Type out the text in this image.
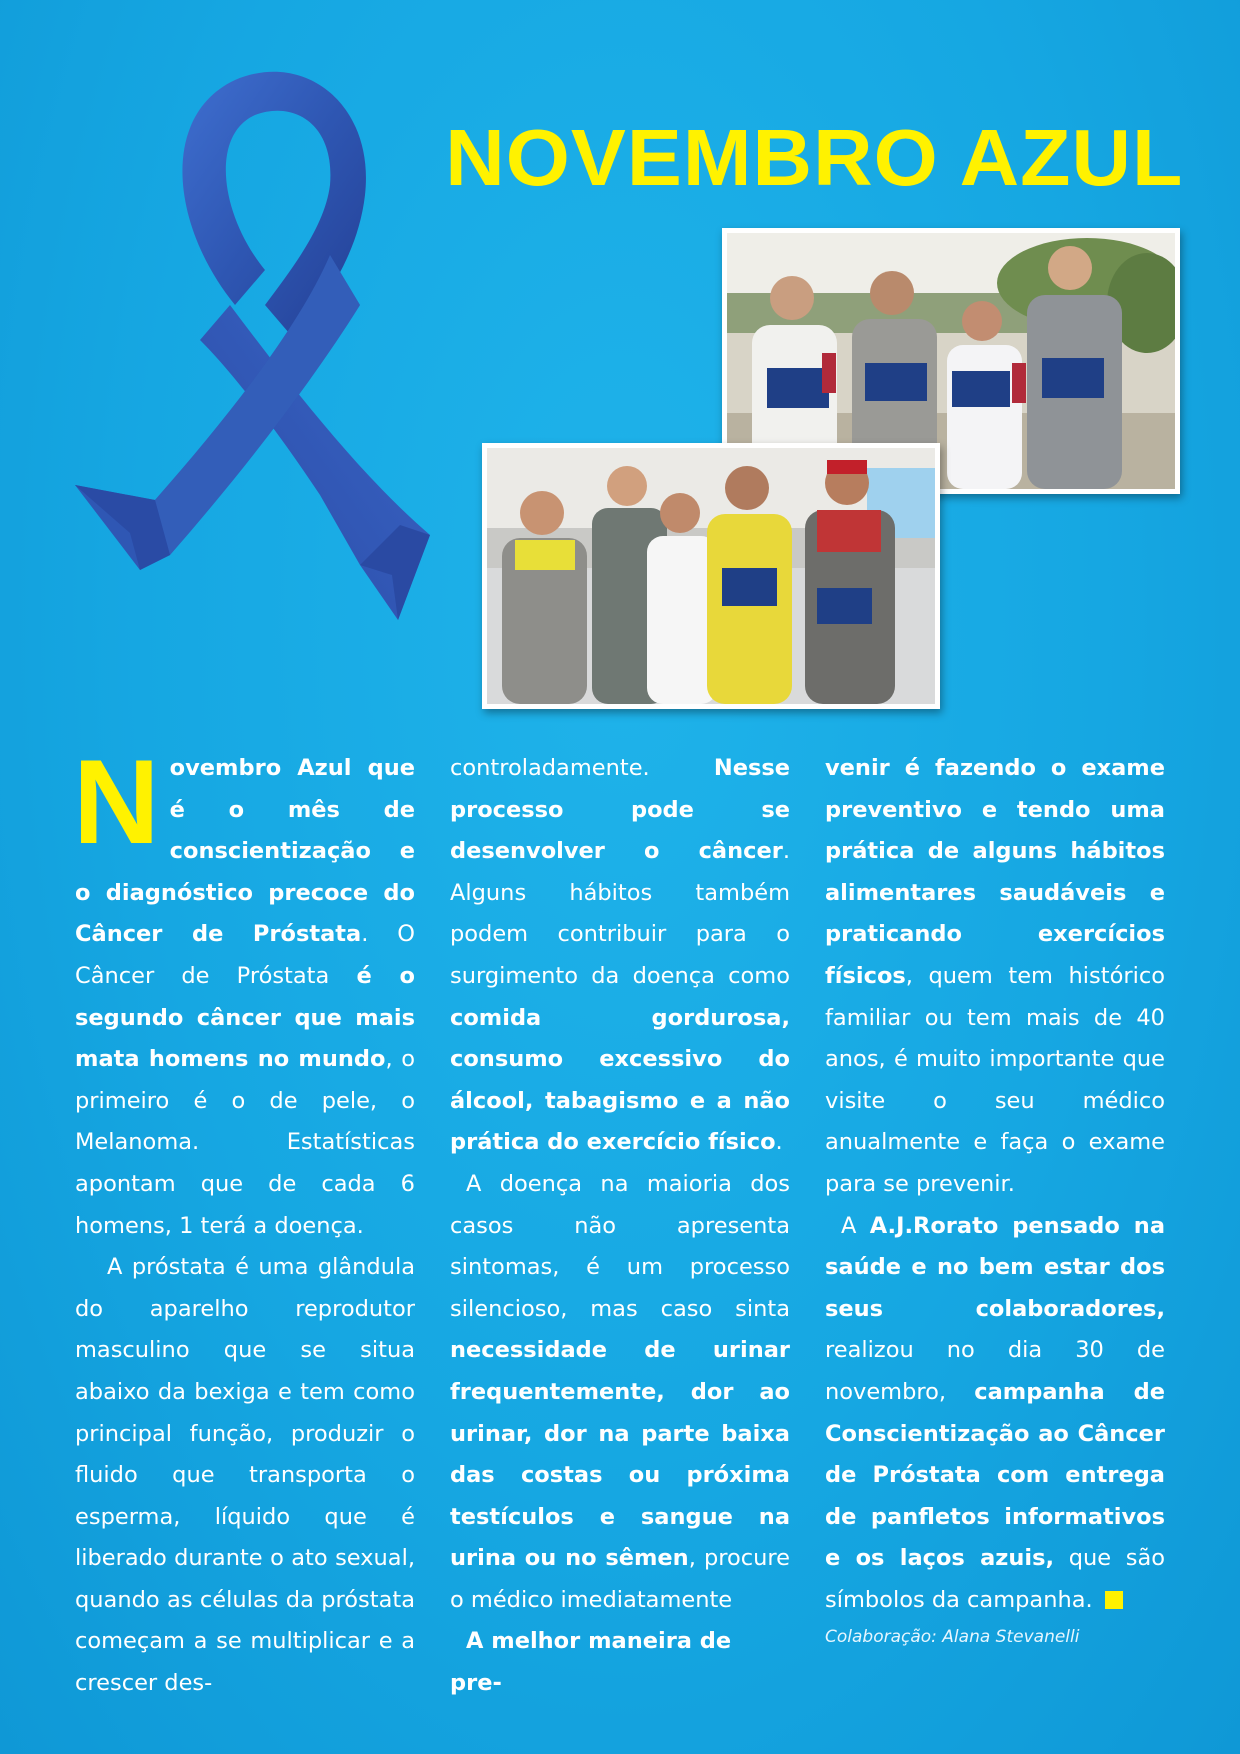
NOVEMBRO AZUL

Novembro Azul que é o mês de conscientização e o diagnóstico precoce do Câncer de Próstata. O Câncer de Próstata é o segundo câncer que mais mata homens no mundo, o primeiro é o de pele, o Melanoma. Estatísticas apontam que de cada 6 homens, 1 terá a doença.

A próstata é uma glândula do aparelho reprodutor masculino que se situa abaixo da bexiga e tem como principal função, produzir o fluido que transporta o esperma, líquido que é liberado durante o ato sexual, quando as células da próstata começam a se multiplicar e a crescer des-

controladamente. Nesse processo pode se desenvolver o câncer. Alguns hábitos também podem contribuir para o surgimento da doença como comida gordurosa, consumo excessivo do álcool, tabagismo e a não prática do exercício físico.

A doença na maioria dos casos não apresenta sintomas, é um processo silencioso, mas caso sinta necessidade de urinar frequentemente, dor ao urinar, dor na parte baixa das costas ou próxima testículos e sangue na urina ou no sêmen, procure o médico imediatamente

A melhor maneira de pre-

venir é fazendo o exame preventivo e tendo uma prática de alguns hábitos alimentares saudáveis e praticando exercícios físicos, quem tem histórico familiar ou tem mais de 40 anos, é muito importante que visite o seu médico anualmente e faça o exame para se prevenir.

A A.J.Rorato pensado na saúde e no bem estar dos seus colaboradores, realizou no dia 30 de novembro, campanha de Conscientização ao Câncer de Próstata com entrega de panfletos informativos e os laços azuis, que são símbolos da campanha.

Colaboração: Alana Stevanelli
